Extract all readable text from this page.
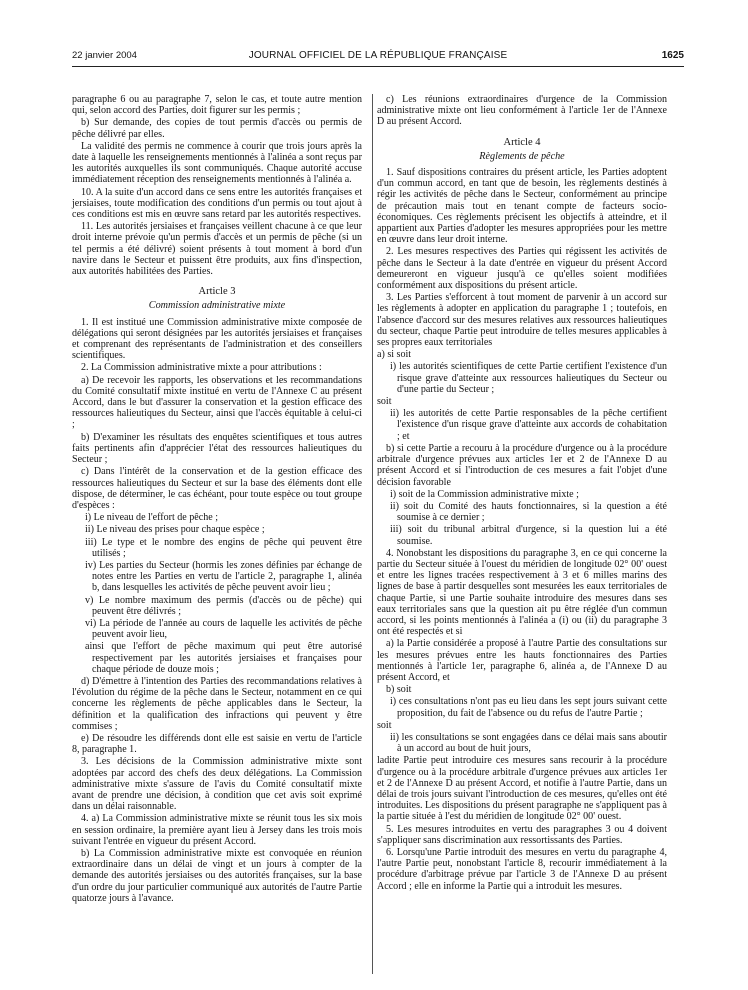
22 janvier 2004	JOURNAL OFFICIEL DE LA RÉPUBLIQUE FRANÇAISE	1625

paragraphe 6 ou au paragraphe 7, selon le cas, et toute autre mention qui, selon accord des Parties, doit figurer sur les permis ;

b) Sur demande, des copies de tout permis d'accès ou permis de pêche délivré par elles.

La validité des permis ne commence à courir que trois jours après la date à laquelle les renseignements mentionnés à l'alinéa a sont reçus par les autorités auxquelles ils sont communiqués. Chaque autorité accuse immédiatement réception des renseignements mentionnés à l'alinéa a.

10. A la suite d'un accord dans ce sens entre les autorités françaises et jersiaises, toute modification des conditions d'un permis ou tout ajout à ces conditions est mis en œuvre sans retard par les autorités respectives.

11. Les autorités jersiaises et françaises veillent chacune à ce que leur droit interne prévoie qu'un permis d'accès et un permis de pêche (si un tel permis a été délivré) soient présents à tout moment à bord d'un navire dans le Secteur et puissent être produits, aux fins d'inspection, aux autorités habilitées des Parties.

Article 3
Commission administrative mixte

1. Il est institué une Commission administrative mixte composée de délégations qui seront désignées par les autorités jersiaises et françaises et comprenant des représentants de l'administration et des conseillers scientifiques.

2. La Commission administrative mixte a pour attributions :

a) De recevoir les rapports, les observations et les recommandations du Comité consultatif mixte institué en vertu de l'Annexe C au présent Accord, dans le but d'assurer la conservation et la gestion efficace des ressources halieutiques du Secteur, ainsi que l'accès équitable à celui-ci ;

b) D'examiner les résultats des enquêtes scientifiques et tous autres faits pertinents afin d'apprécier l'état des ressources halieutiques du Secteur ;

c) Dans l'intérêt de la conservation et de la gestion efficace des ressources halieutiques du Secteur et sur la base des éléments dont elle dispose, de déterminer, le cas échéant, pour toute espèce ou tout groupe d'espèces :

i) Le niveau de l'effort de pêche ;

ii) Le niveau des prises pour chaque espèce ;

iii) Le type et le nombre des engins de pêche qui peuvent être utilisés ;

iv) Les parties du Secteur (hormis les zones définies par échange de notes entre les Parties en vertu de l'article 2, paragraphe 1, alinéa b, dans lesquelles les activités de pêche peuvent avoir lieu ;

v) Le nombre maximum des permis (d'accès ou de pêche) qui peuvent être délivrés ;

vi) La période de l'année au cours de laquelle les activités de pêche peuvent avoir lieu,

ainsi que l'effort de pêche maximum qui peut être autorisé respectivement par les autorités jersiaises et françaises pour chaque période de douze mois ;

d) D'émettre à l'intention des Parties des recommandations relatives à l'évolution du régime de la pêche dans le Secteur, notamment en ce qui concerne les règlements de pêche applicables dans le Secteur, la définition et la qualification des infractions qui peuvent y être commises ;

e) De résoudre les différends dont elle est saisie en vertu de l'article 8, paragraphe 1.

3. Les décisions de la Commission administrative mixte sont adoptées par accord des chefs des deux délégations. La Commission administrative mixte s'assure de l'avis du Comité consultatif mixte avant de prendre une décision, à condition que cet avis soit exprimé dans un délai raisonnable.

4. a) La Commission administrative mixte se réunit tous les six mois en session ordinaire, la première ayant lieu à Jersey dans les trois mois suivant l'entrée en vigueur du présent Accord.

b) La Commission administrative mixte est convoquée en réunion extraordinaire dans un délai de vingt et un jours à compter de la demande des autorités jersiaises ou des autorités françaises, sur la base d'un ordre du jour particulier communiqué aux autorités de l'autre Partie quatorze jours à l'avance.

c) Les réunions extraordinaires d'urgence de la Commission administrative mixte ont lieu conformément à l'article 1er de l'Annexe D au présent Accord.

Article 4
Règlements de pêche

1. Sauf dispositions contraires du présent article, les Parties adoptent d'un commun accord, en tant que de besoin, les règlements destinés à régir les activités de pêche dans le Secteur, conformément au principe de précaution mais tout en tenant compte de facteurs socio-économiques. Ces règlements précisent les objectifs à atteindre, et il appartient aux Parties d'adopter les mesures appropriées pour les mettre en œuvre dans leur droit interne.

2. Les mesures respectives des Parties qui régissent les activités de pêche dans le Secteur à la date d'entrée en vigueur du présent Accord demeureront en vigueur jusqu'à ce qu'elles soient modifiées conformément aux dispositions du présent article.

3. Les Parties s'efforcent à tout moment de parvenir à un accord sur les règlements à adopter en application du paragraphe 1 ; toutefois, en l'absence d'accord sur des mesures relatives aux ressources halieutiques du secteur, chaque Partie peut introduire de telles mesures applicables à ses propres eaux territoriales

a) si soit

i) les autorités scientifiques de cette Partie certifient l'existence d'un risque grave d'atteinte aux ressources halieutiques du Secteur ou d'une partie du Secteur ;

soit

ii) les autorités de cette Partie responsables de la pêche certifient l'existence d'un risque grave d'atteinte aux accords de cohabitation ; et

b) si cette Partie a recouru à la procédure d'urgence ou à la procédure arbitrale d'urgence prévues aux articles 1er et 2 de l'Annexe D au présent Accord et si l'introduction de ces mesures a fait l'objet d'une décision favorable

i) soit de la Commission administrative mixte ;

ii) soit du Comité des hauts fonctionnaires, si la question a été soumise à ce dernier ;

iii) soit du tribunal arbitral d'urgence, si la question lui a été soumise.

4. Nonobstant les dispositions du paragraphe 3, en ce qui concerne la partie du Secteur située à l'ouest du méridien de longitude 02° 00' ouest et entre les lignes tracées respectivement à 3 et 6 milles marins des lignes de base à partir desquelles sont mesurées les eaux territoriales de chaque Partie, si une Partie souhaite introduire des mesures dans ses eaux territoriales sans que la question ait pu être réglée d'un commun accord, si les points mentionnés à l'alinéa a (i) ou (ii) du paragraphe 3 ont été respectés et si

a) la Partie considérée a proposé à l'autre Partie des consultations sur les mesures prévues entre les hauts fonctionnaires des Parties mentionnés à l'article 1er, paragraphe 6, alinéa a, de l'Annexe D au présent Accord, et

b) soit

i) ces consultations n'ont pas eu lieu dans les sept jours suivant cette proposition, du fait de l'absence ou du refus de l'autre Partie ;

soit

ii) les consultations se sont engagées dans ce délai mais sans aboutir à un accord au bout de huit jours,

ladite Partie peut introduire ces mesures sans recourir à la procédure d'urgence ou à la procédure arbitrale d'urgence prévues aux articles 1er et 2 de l'Annexe D au présent Accord, et notifie à l'autre Partie, dans un délai de trois jours suivant l'introduction de ces mesures, qu'elles ont été introduites. Les dispositions du présent paragraphe ne s'appliquent pas à la partie située à l'est du méridien de longitude 02° 00' ouest.

5. Les mesures introduites en vertu des paragraphes 3 ou 4 doivent s'appliquer sans discrimination aux ressortissants des Parties.

6. Lorsqu'une Partie introduit des mesures en vertu du paragraphe 4, l'autre Partie peut, nonobstant l'article 8, recourir immédiatement à la procédure d'arbitrage prévue par l'article 3 de l'Annexe D au présent Accord ; elle en informe la Partie qui a introduit les mesures.
